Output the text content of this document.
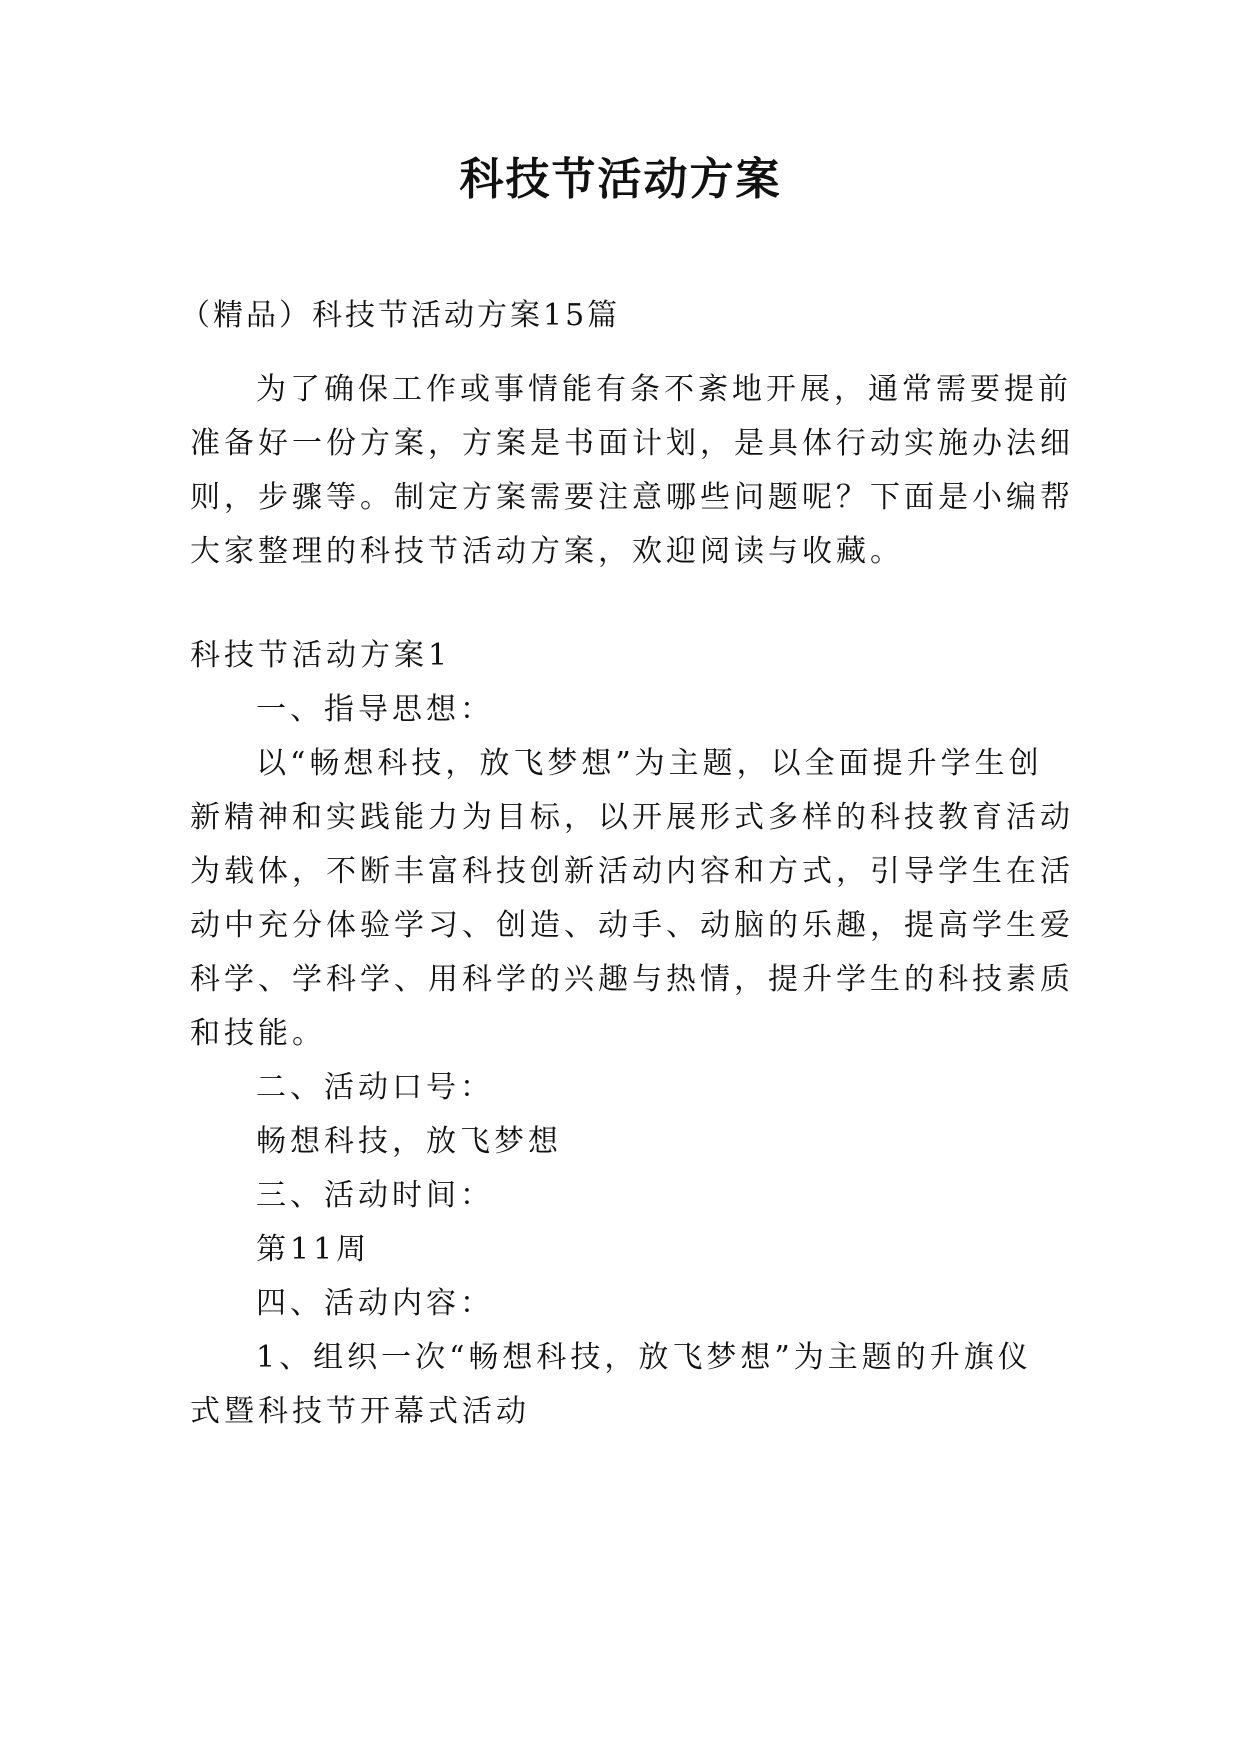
科技节活动方案
（精品）科技节活动方案15篇
为了确保工作或事情能有条不紊地开展，通常需要提前
准备好一份方案，方案是书面计划，是具体行动实施办法细
则，步骤等。制定方案需要注意哪些问题呢？下面是小编帮
大家整理的科技节活动方案，欢迎阅读与收藏。
科技节活动方案1
一、指导思想：
以“畅想科技，放飞梦想”为主题，以全面提升学生创
新精神和实践能力为目标，以开展形式多样的科技教育活动
为载体，不断丰富科技创新活动内容和方式，引导学生在活
动中充分体验学习、创造、动手、动脑的乐趣，提高学生爱
科学、学科学、用科学的兴趣与热情，提升学生的科技素质
和技能。
二、活动口号：
畅想科技，放飞梦想
三、活动时间：
第11周
四、活动内容：
1、组织一次“畅想科技，放飞梦想”为主题的升旗仪
式暨科技节开幕式活动
